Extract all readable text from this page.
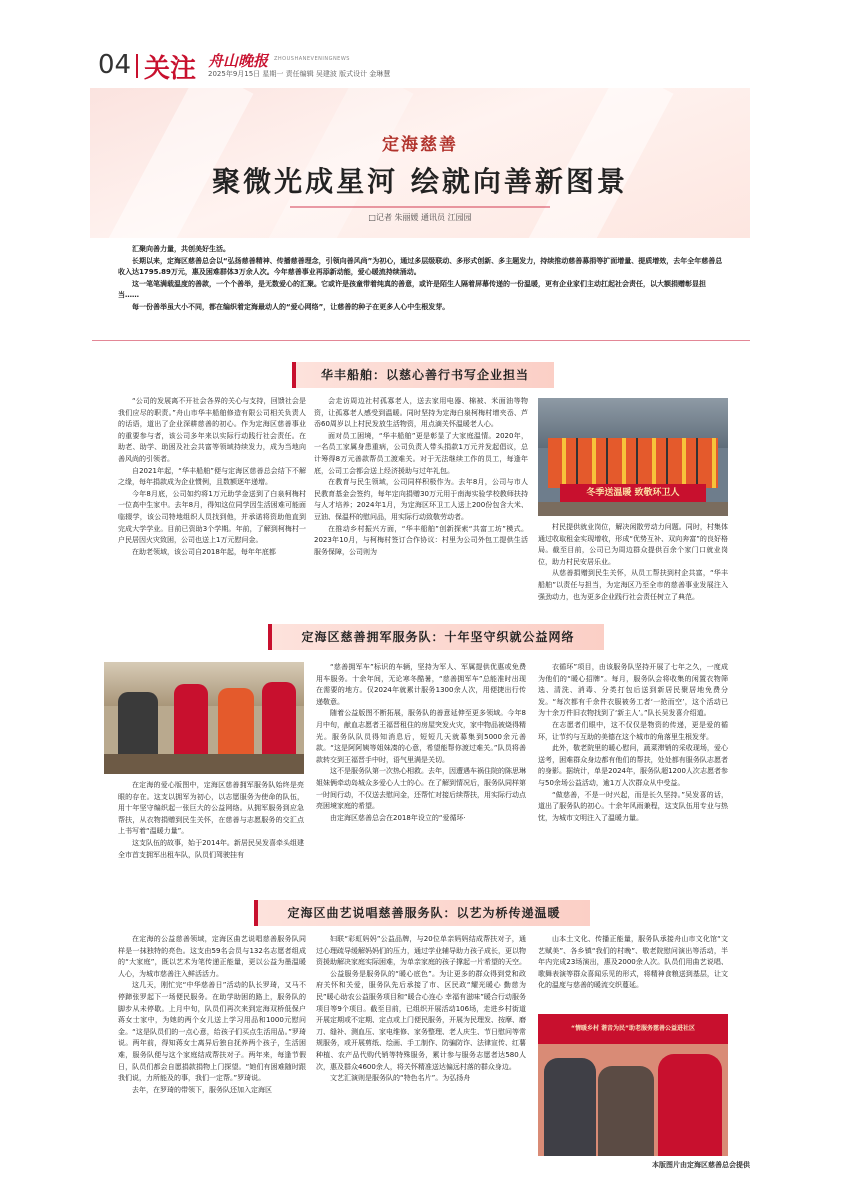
04 关注 舟山晚报 ZHOUSHANEVENINGNEWS
2025年9月15日 星期一 责任编辑 吴建波 版式设计 金琳慧
定海慈善
聚微光成星河 绘就向善新图景
□记者 朱丽媛 通讯员 江园园

汇聚向善力量，共创美好生活。

长期以来，定海区慈善总会以“弘扬慈善精神、传播慈善理念，引领向善风尚”为初心，通过多层级联动、多形式创新、多主题发力，持续推动慈善募捐等扩面增量、提质增效，去年全年慈善总收入达1795.89万元，惠及困难群体3万余人次。今年慈善事业再添新动能，爱心暖流持续涌动。

这一笔笔满载温度的善款，一个个善举，是无数爱心的汇聚。它或许是孩童带着纯真的善意，或许是陌生人隔着屏幕传递的一份温暖，更有企业家们主动扛起社会责任，以大额捐赠彰显担当……

每一份善举虽大小不同，都在编织着定海最动人的“爱心网络”，让慈善的种子在更多人心中生根发芽。

华丰船舶：以慈心善行书写企业担当

“公司的发展离不开社会各界的关心与支持，回馈社会是我们应尽的职责。”舟山市华丰船舶修造有限公司相关负责人的话语，道出了企业深耕慈善的初心。作为定海区慈善事业的重要参与者，该公司多年来以实际行动践行社会责任。在助老、助学、助困及社会共富等领域持续发力，成为当地向善风尚的引领者。

自2021年起，“华丰船舶”便与定海区慈善总会结下不解之缘，每年捐款成为企业惯例，且数额逐年递增。

今年8月底，公司如约将1万元助学金送到了白泉柯梅村一位高中生家中。去年8月，得知这位同学因生活困难可能面临辍学，该公司特地组织人员找到他，并承诺将资助他直到完成大学学业。目前已资助3个学期。年前，了解到柯梅村一户民居因火灾致困，公司也送上1万元慰问金。

在助老领域，该公司自2018年起，每年年底都

会走访周边社村孤寡老人，送去家用电器、棉被、米面油等物资，让孤寡老人感受到温暖。同时坚持为定海白泉柯梅村增夹岙、芦岙60周岁以上村民发放生活物资，用点滴关怀温暖老人心。

面对员工困境，“华丰船舶”更是彰显了大家庭温情。2020年，一名员工家属身患重病，公司负责人带头捐款1万元并发起倡议，总计筹得8万元善款帮员工渡难关。对于无法继续工作的员工，每逢年底，公司工会都会送上经济援助与过年礼包。

在教育与民生领域，公司同样积极作为。去年8月，公司与市人民教育基金会签约，每年定向捐赠30万元用于南海实验学校教师扶持与人才培养；2024年1月，为定海区环卫工人送上200份包含大米、豆油、保温杯的慰问品，用实际行动致敬劳动者。

在推动乡村振兴方面，“华丰船舶”创新探索“共富工坊”模式。2023年10月，与柯梅村签订合作协议：村里为公司外包工提供生活服务保障，公司则为

冬季送温暖 致敬环卫人

村民提供就业岗位，解决闲散劳动力问题。同时，村集体通过收取租金实现增收，形成“优势互补、双向奔富”的良好格局。截至目前，公司已为周边群众提供百余个家门口就业岗位，助力村民安居乐业。

从慈善捐赠到民生关怀，从员工帮扶到村企共富，“华丰船舶”以责任与担当，为定海区乃至全市的慈善事业发展注入强劲动力，也为更多企业践行社会责任树立了典范。

定海区慈善拥军服务队：十年坚守织就公益网络

在定海的爱心版图中，定海区慈善拥军服务队始终是亮眼的存在。这支以拥军为初心，以志愿服务为使命的队伍，用十年坚守编织起一张巨大的公益网络。从拥军服务到应急帮扶，从衣物捐赠到民生关怀，在慈善与志愿服务的交汇点上书写着“温暖力量”。

这支队伍的故事，始于2014年。新居民吴发喜牵头组建全市首支拥军出租车队，队员们驾驶挂有

“慈善拥军车”标识的车辆，坚持为军人、军属提供优惠或免费用车服务。十余年间，无论寒冬酷暑，“慈善拥军车”总能准时出现在需要的地方。仅2024年就累计服务1300余人次，用便捷出行传递敬意。

随着公益版图不断拓展，服务队的善意延伸至更多领域。今年8月中旬，献血志愿者王福晋租住的房屋突发火灾，家中物品被烧得精光。服务队队员得知消息后，短短几天就募集到5000余元善款。“这是阿阿姨等姐妹凑的心意，希望能帮你渡过难关。”队员将善款转交到王福晋手中时，语气里满是关切。

这不是服务队第一次热心相救。去年，因遭遇车祸住院的陈思琳姐妹俩牵动岛城众多爱心人士的心。在了解到情况后，服务队同样第一时间行动，不仅送去慰问金，还帮忙对接后续帮扶，用实际行动点亮困境家庭的希望。

由定海区慈善总会在2018年设立的“爱循环·

衣循环”项目，由该服务队坚持开展了七年之久，一度成为他们的“暖心招牌”。每月，服务队会将收集的闲置衣物筛选、清洗、消毒、分类打包后送到新居民聚居地免费分发。“每次都有千余件衣服被务工者‘一抢而空’，这个活动已为十余万件旧衣物找到了‘新主人’。”队长吴发喜介绍道。

在志愿者们眼中，这不仅仅是物资的传递，更是爱的循环，让节约与互助的美德在这个城市的角落里生根发芽。

此外，敬老院里的暖心慰问，蔬菜滞销的采收现场，爱心送考，困难群众身边都有他们的帮扶，处处都有服务队志愿者的身影。据统计，单是2024年，服务队超1200人次志愿者参与50余场公益活动，逾1万人次群众从中受益。

“做慈善，不是一时兴起，而是长久坚持。”吴发喜的话，道出了服务队的初心。十余年风雨兼程，这支队伍用专业与热忱，为城市文明注入了温暖力量。

定海区曲艺说唱慈善服务队：以艺为桥传递温暖

在定海的公益慈善领域，定海区曲艺说唱慈善服务队同样是一抹独特的亮色。这支由59名会员与132名志愿者组成的“大家庭”，既以艺术为笔传递正能量，更以公益为墨温暖人心，为城市慈善注入鲜活活力。

这几天，刚忙完“中华慈善日”活动的队长罗琦，又马不停蹄张罗起下一场便民服务。在助学助困的路上，服务队的脚步从未停歇。上月中旬，队员们再次来到定海双桥低保户蒋女士家中，为她的两个女儿送上学习用品和1000元慰问金。“这是队员们的一点心意，给孩子们买点生活用品。”罗琦说。两年前，得知蒋女士离异后独自抚养两个孩子，生活困难，服务队便与这个家庭结成帮扶对子。两年来，每逢节假日，队员们都会自愿捐款捐物上门探望。“她们有困难随时跟我们说，力所能及的事，我们一定帮。”罗琦说。

去年，在罗琦的带领下，服务队还加入定海区

妇联“彩虹妈妈”公益品牌，与20位单亲妈妈结成帮扶对子，通过心理疏导缓解妈妈们的压力，通过学业辅导助力孩子成长，更以物资援助解决家庭实际困难，为单亲家庭的孩子撑起一片希望的天空。

公益服务是服务队的“暖心底色”。为让更多的群众得到党和政府关怀和关爱，服务队先后承接了市、区民政“耀光暖心 勤慈为民”暖心助农公益服务项目和“暖合心连心 幸福有滋味”暖合行动服务项目等9个项目。截至目前，已组织开展活动106场，走进乡村街道开展定期或不定期、定点或上门便民服务，开展为民理发、按摩、磨刀、缝补、测血压、家电维修、家务整理、老人庆生、节日慰问等常规服务，或开展剪纸、绘画、手工制作、防骗防诈、法律宣传、红薯种植、农产品代购代销等特殊服务，累计参与服务志愿者达580人次，惠及群众4600余人，将关怀精准送达偏远村落的群众身边。

文艺汇演则是服务队的“特色名片”。为弘扬舟

山本土文化、传播正能量，服务队承接舟山市文化馆“文艺赋美”、各乡镇“我们的村晚”、敬老院慰问演出等活动，半年内完成23场演出，惠及2000余人次。队员们用曲艺说唱、歌舞表演等群众喜闻乐见的形式，将精神食粮送到基层，让文化的温度与慈善的暖流交织蔓延。

“情暖乡村 谐音为民”助老服务慈善公益进社区
本版图片由定海区慈善总会提供
